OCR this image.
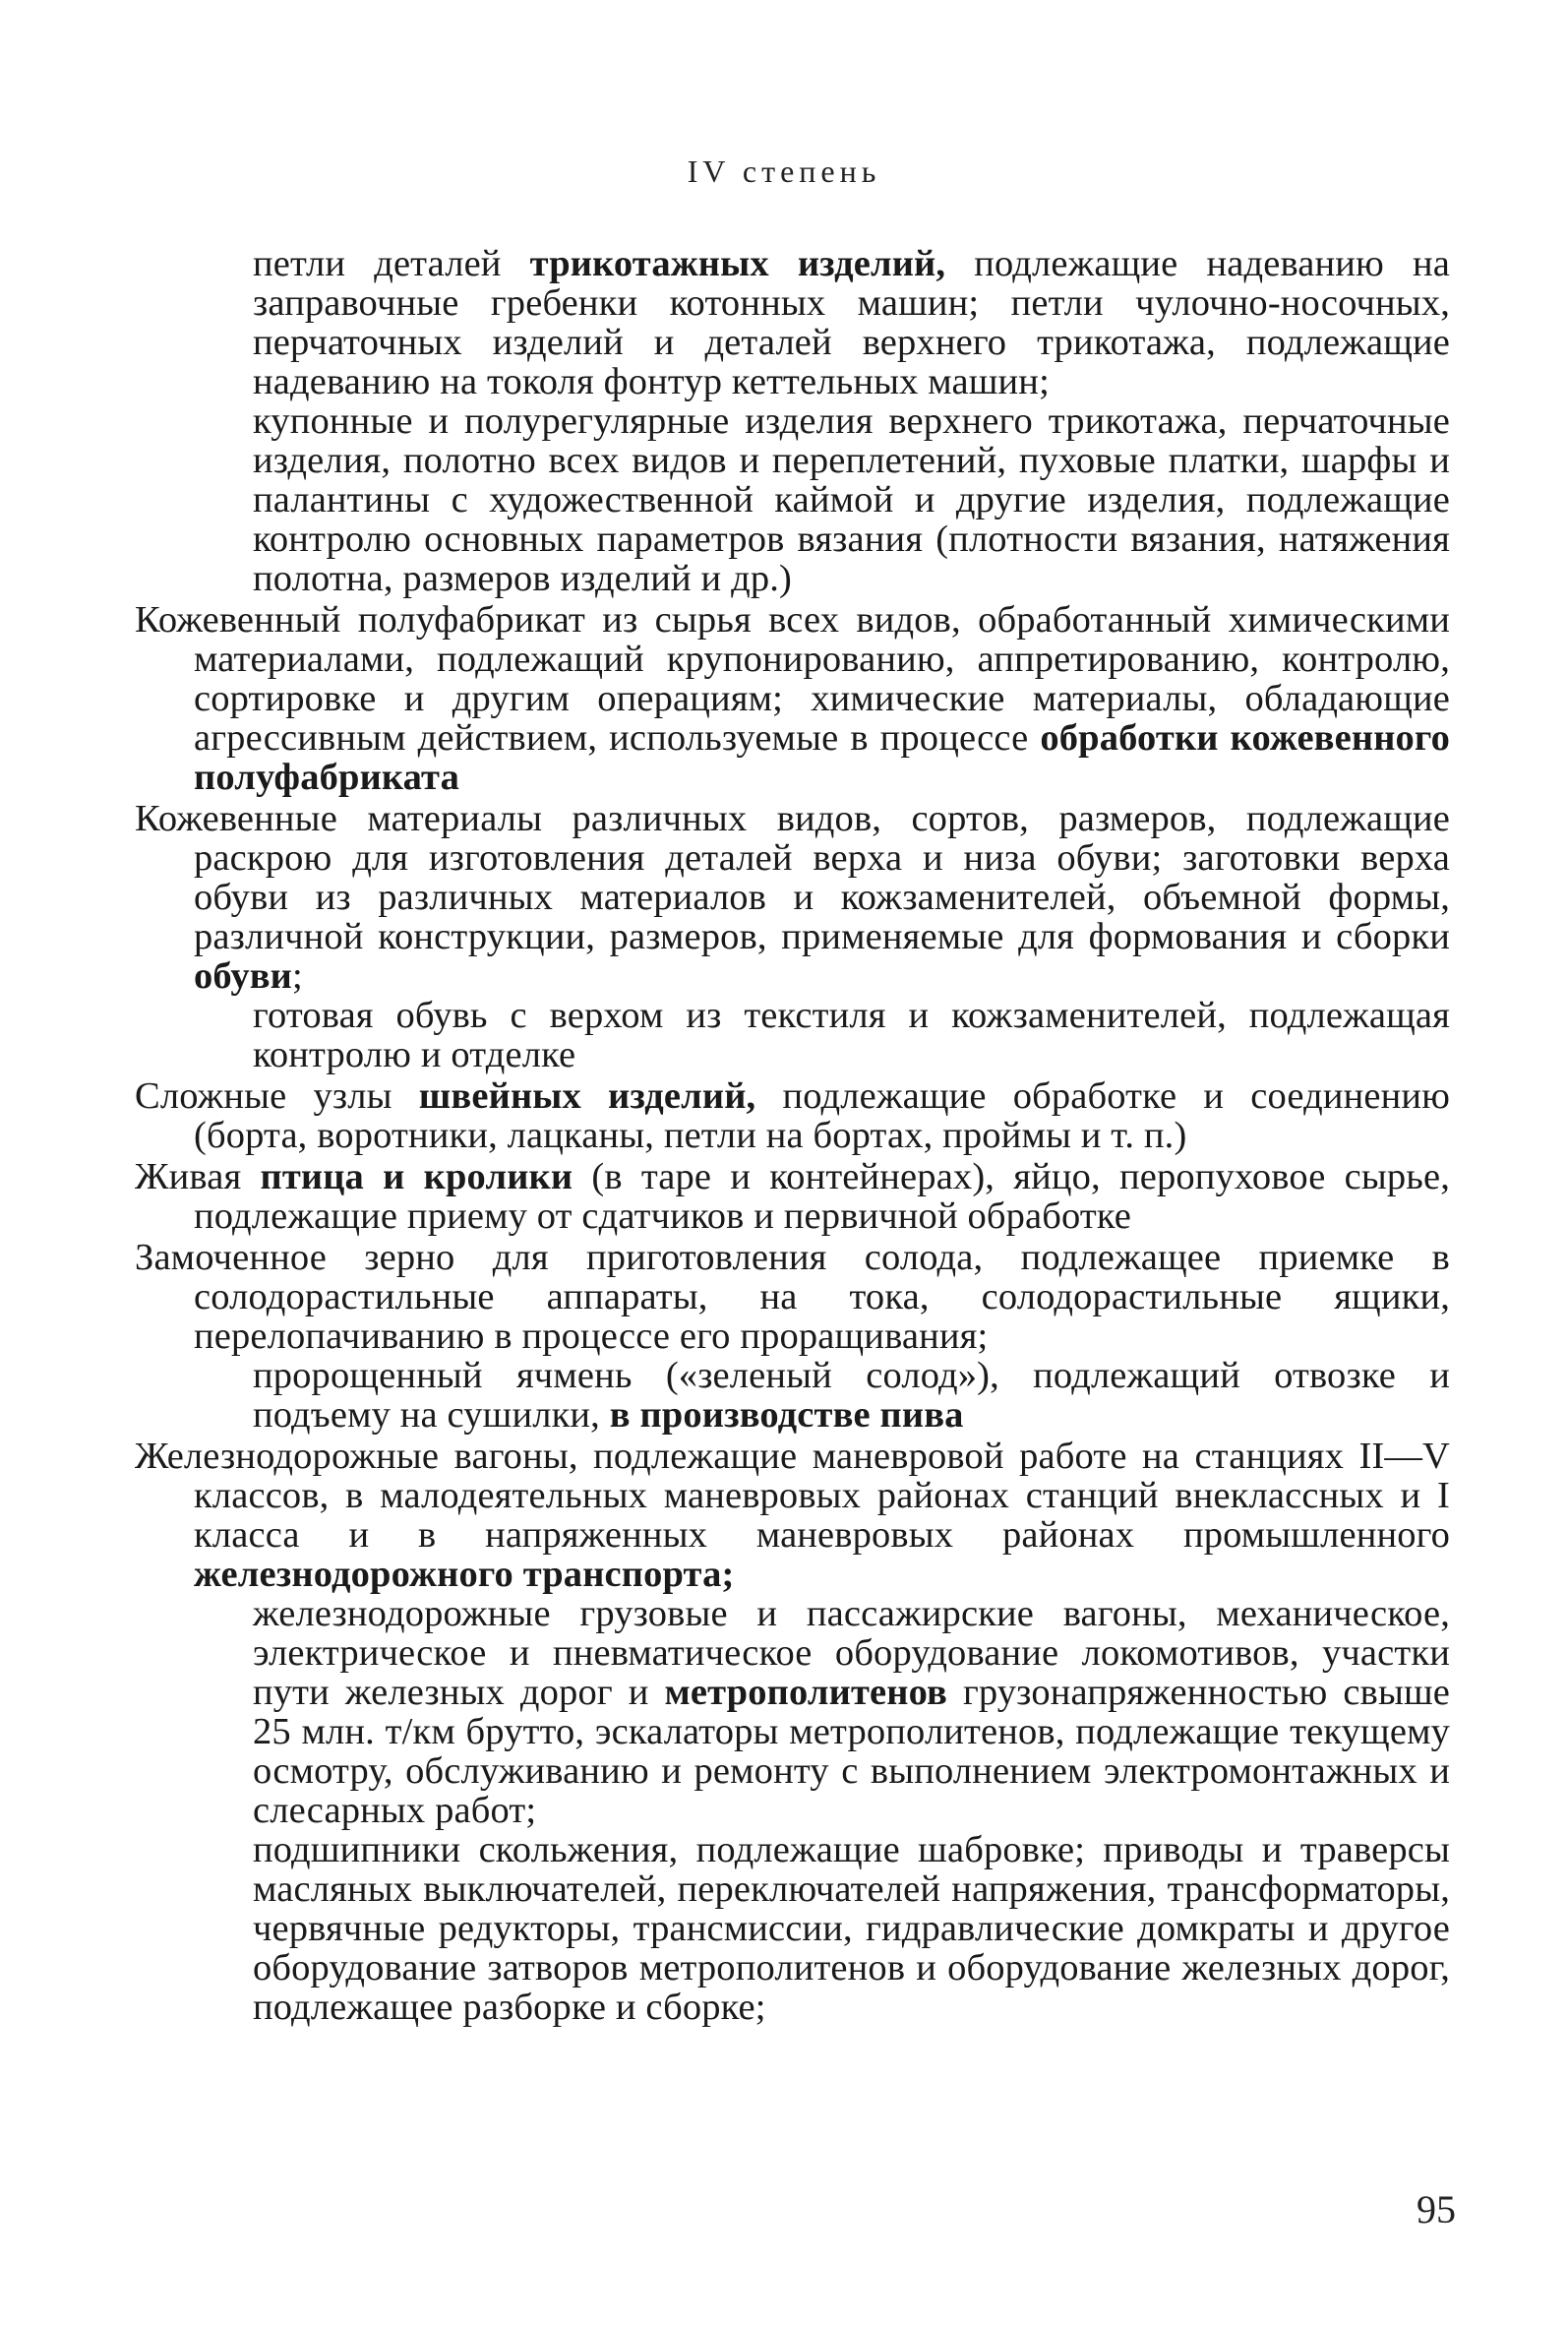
IV степень
петли деталей трикотажных изделий, подлежащие надеванию на заправочные гребенки котонных машин; петли чулочно-носочных, перчаточных изделий и деталей верхнего трикотажа, подлежащие надеванию на токоля фонтур кеттельных машин;
купонные и полурегулярные изделия верхнего трикотажа, перчаточные изделия, полотно всех видов и переплетений, пуховые платки, шарфы и палантины с художественной каймой и другие изделия, подлежащие контролю основных параметров вязания (плотности вязания, натяжения полотна, размеров изделий и др.)
Кожевенный полуфабрикат из сырья всех видов, обработанный химическими материалами, подлежащий крупонированию, аппретированию, контролю, сортировке и другим операциям; химические материалы, обладающие агрессивным действием, используемые в процессе обработки кожевенного полуфабриката
Кожевенные материалы различных видов, сортов, размеров, подлежащие раскрою для изготовления деталей верха и низа обуви; заготовки верха обуви из различных материалов и кожзаменителей, объемной формы, различной конструкции, размеров, применяемые для формования и сборки обуви;
готовая обувь с верхом из текстиля и кожзаменителей, подлежащая контролю и отделке
Сложные узлы швейных изделий, подлежащие обработке и соединению (борта, воротники, лацканы, петли на бортах, проймы и т. п.)
Живая птица и кролики (в таре и контейнерах), яйцо, перопуховое сырье, подлежащие приему от сдатчиков и первичной обработке
Замоченное зерно для приготовления солода, подлежащее приемке в солодорастильные аппараты, на тока, солодорастильные ящики, перелопачиванию в процессе его проращивания;
пророщенный ячмень («зеленый солод»), подлежащий отвозке и подъему на сушилки, в производстве пива
Железнодорожные вагоны, подлежащие маневровой работе на станциях II—V классов, в малодеятельных маневровых районах станций внеклассных и I класса и в напряженных маневровых районах промышленного железнодорожного транспорта;
железнодорожные грузовые и пассажирские вагоны, механическое, электрическое и пневматическое оборудование локомотивов, участки пути железных дорог и метрополитенов грузонапряженностью свыше 25 млн. т/км брутто, эскалаторы метрополитенов, подлежащие текущему осмотру, обслуживанию и ремонту с выполнением электромонтажных и слесарных работ;
подшипники скольжения, подлежащие шабровке; приводы и траверсы масляных выключателей, переключателей напряжения, трансформаторы, червячные редукторы, трансмиссии, гидравлические домкраты и другое оборудование затворов метрополитенов и оборудование железных дорог, подлежащее разборке и сборке;
95
